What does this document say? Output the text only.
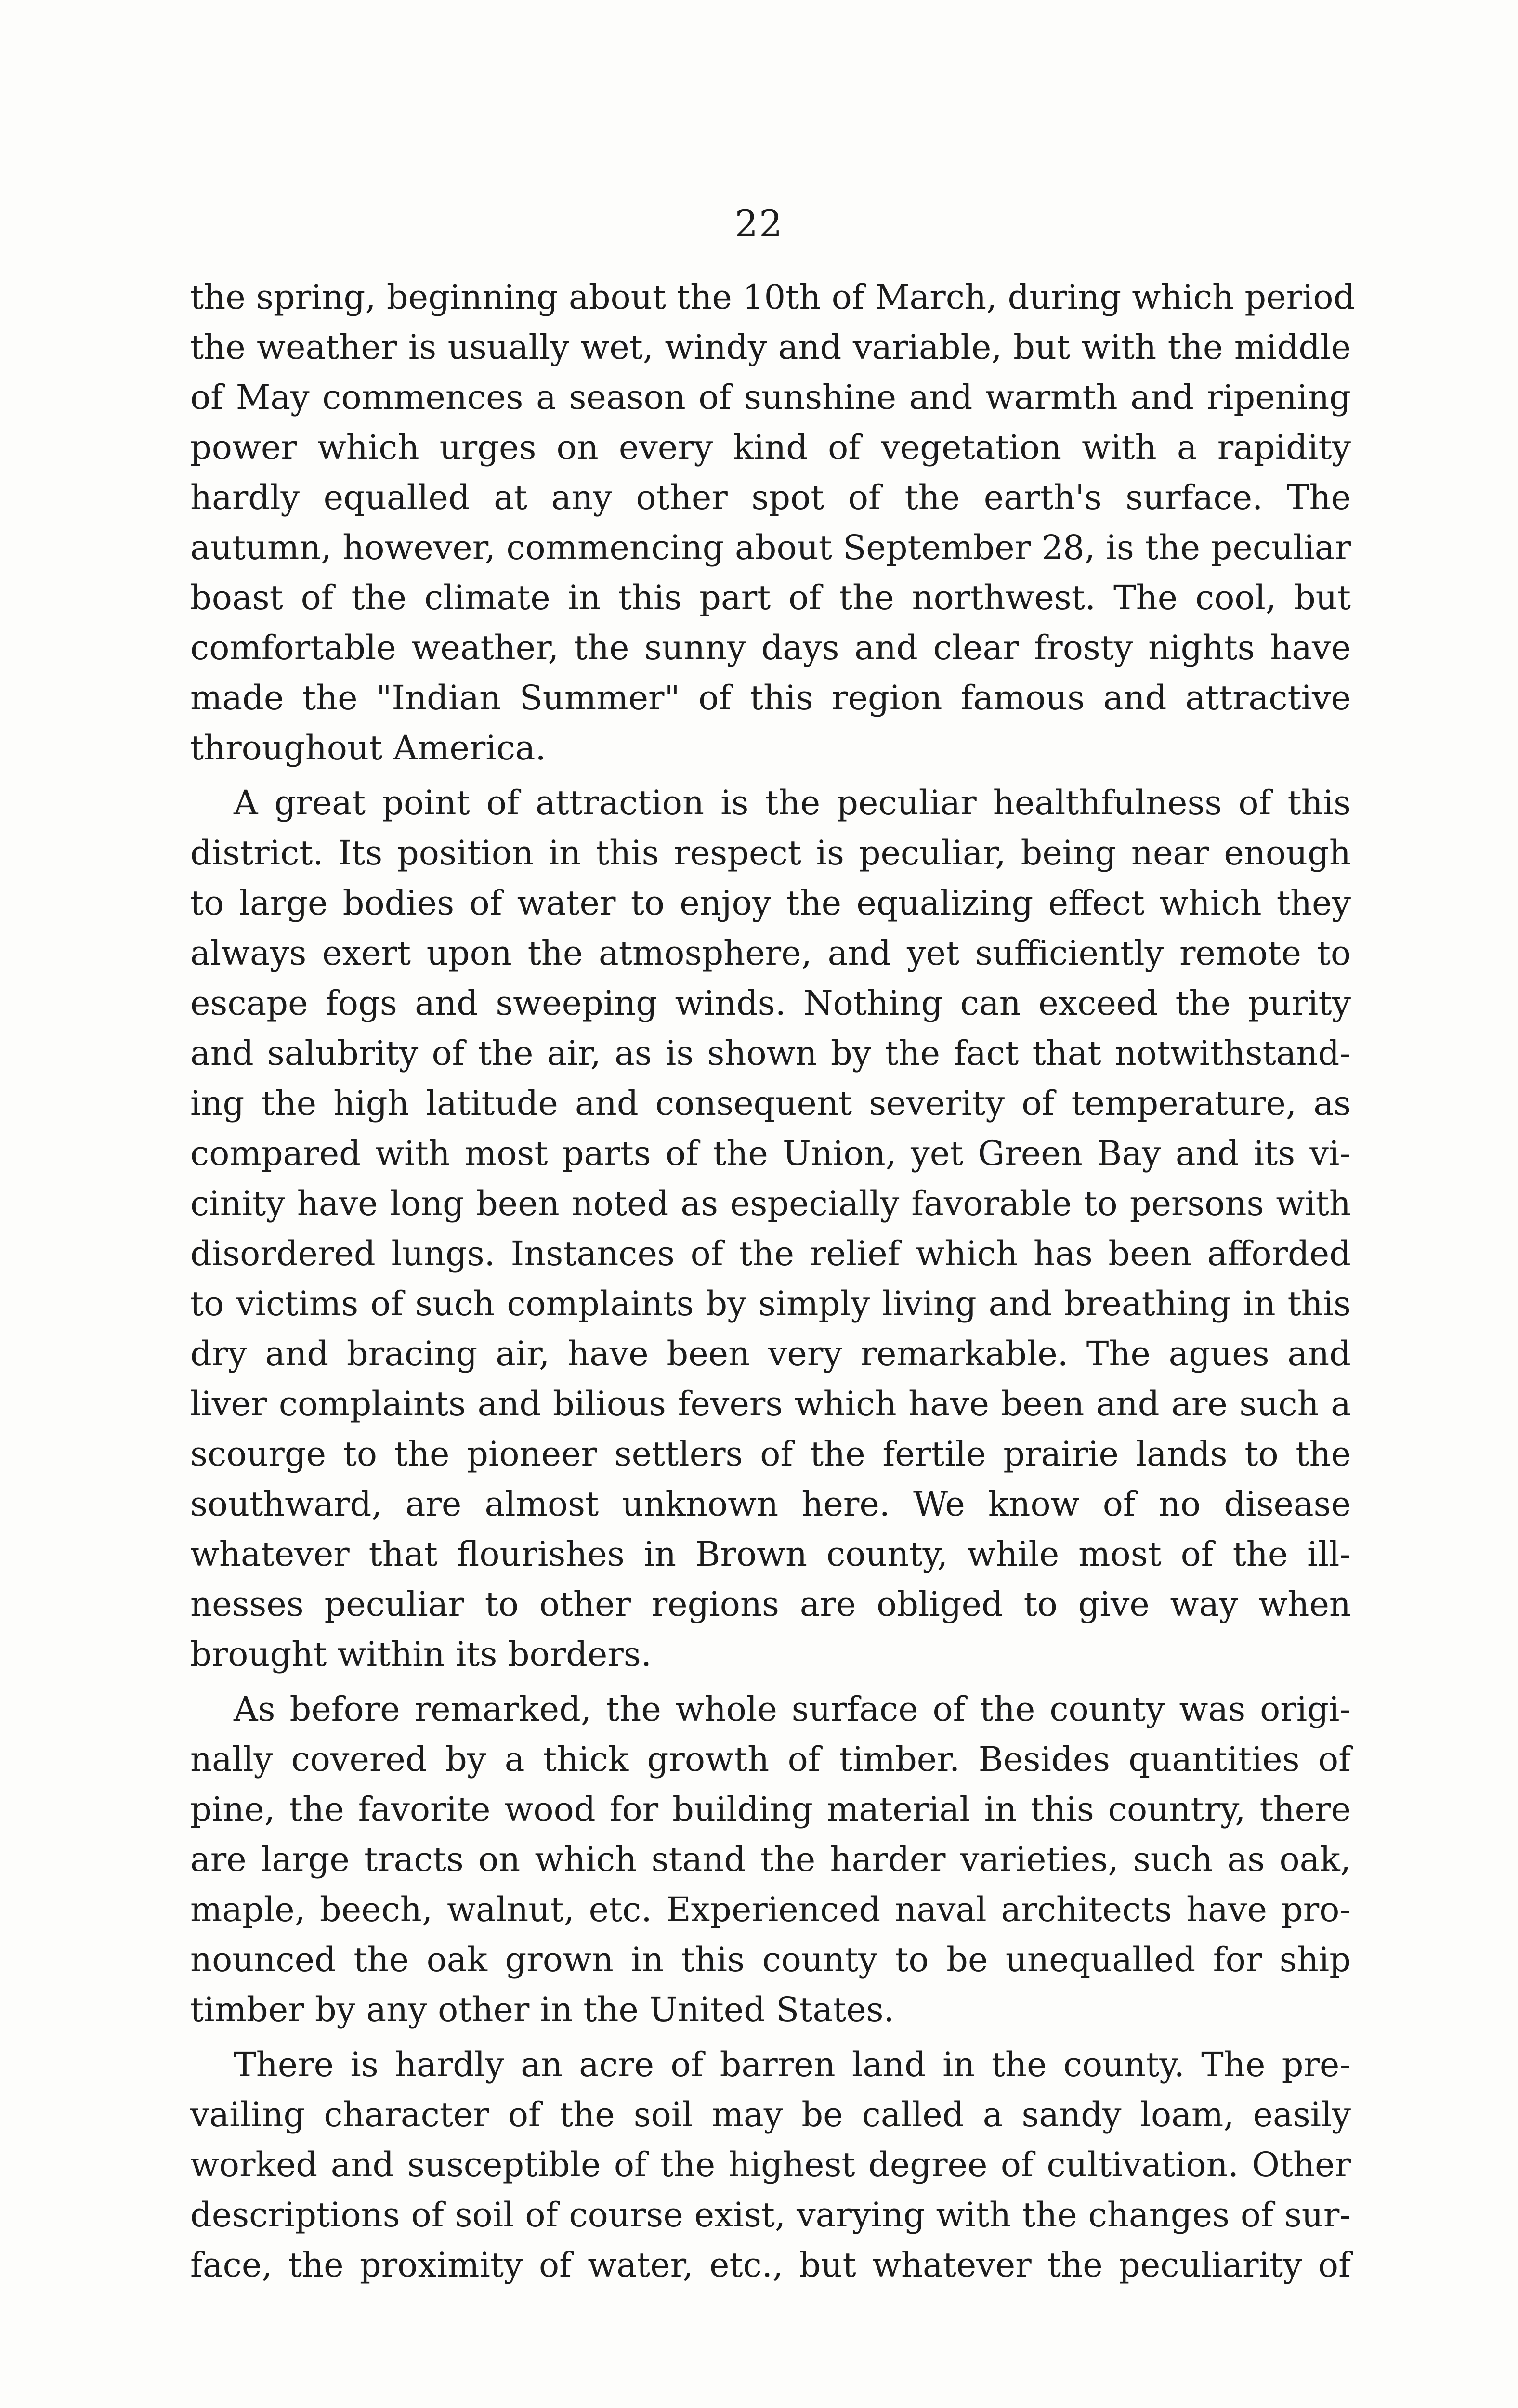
22
the spring, beginning about the 10th of March, during which period
the weather is usually wet, windy and variable, but with the middle
of May commences a season of sunshine and warmth and ripening
power which urges on every kind of vegetation with a rapidity
hardly equalled at any other spot of the earth's surface. The
autumn, however, commencing about September 28, is the peculiar
boast of the climate in this part of the northwest. The cool, but
comfortable weather, the sunny days and clear frosty nights have
made the "Indian Summer" of this region famous and attractive
throughout America.
A great point of attraction is the peculiar healthfulness of this
district. Its position in this respect is peculiar, being near enough
to large bodies of water to enjoy the equalizing effect which they
always exert upon the atmosphere, and yet sufficiently remote to
escape fogs and sweeping winds. Nothing can exceed the purity
and salubrity of the air, as is shown by the fact that notwithstand-
ing the high latitude and consequent severity of temperature, as
compared with most parts of the Union, yet Green Bay and its vi-
cinity have long been noted as especially favorable to persons with
disordered lungs. Instances of the relief which has been afforded
to victims of such complaints by simply living and breathing in this
dry and bracing air, have been very remarkable. The agues and
liver complaints and bilious fevers which have been and are such a
scourge to the pioneer settlers of the fertile prairie lands to the
southward, are almost unknown here. We know of no disease
whatever that flourishes in Brown county, while most of the ill-
nesses peculiar to other regions are obliged to give way when
brought within its borders.
As before remarked, the whole surface of the county was origi-
nally covered by a thick growth of timber. Besides quantities of
pine, the favorite wood for building material in this country, there
are large tracts on which stand the harder varieties, such as oak,
maple, beech, walnut, etc. Experienced naval architects have pro-
nounced the oak grown in this county to be unequalled for ship
timber by any other in the United States.
There is hardly an acre of barren land in the county. The pre-
vailing character of the soil may be called a sandy loam, easily
worked and susceptible of the highest degree of cultivation. Other
descriptions of soil of course exist, varying with the changes of sur-
face, the proximity of water, etc., but whatever the peculiarity of
